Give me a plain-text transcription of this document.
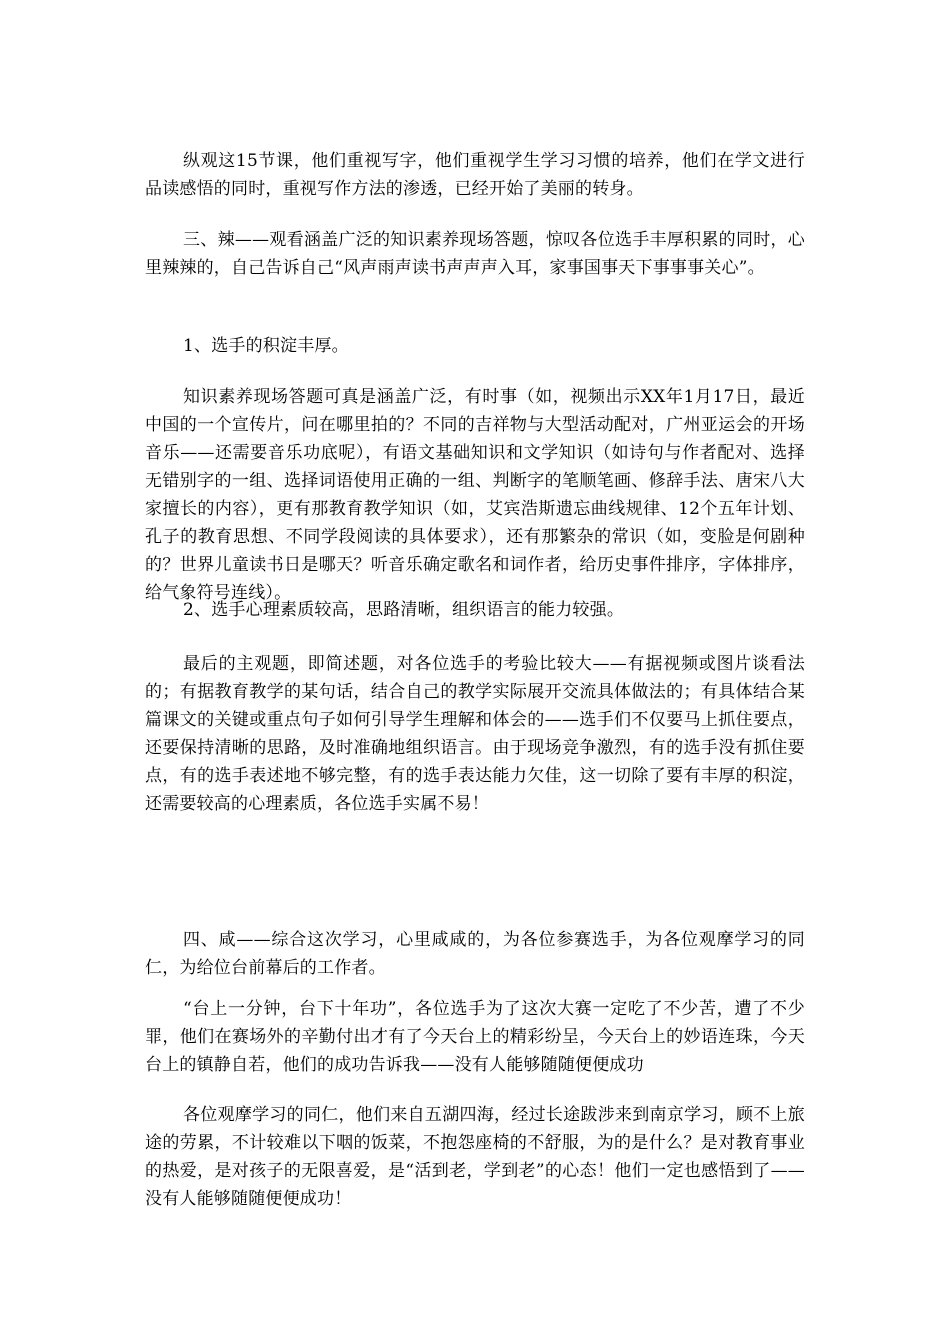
纵观这15节课，他们重视写字，他们重视学生学习习惯的培养，他们在学文进行品读感悟的同时，重视写作方法的渗透，已经开始了美丽的转身。

三、辣——观看涵盖广泛的知识素养现场答题，惊叹各位选手丰厚积累的同时，心里辣辣的，自己告诉自己“风声雨声读书声声声入耳，家事国事天下事事事关心”。

1、选手的积淀丰厚。

知识素养现场答题可真是涵盖广泛，有时事（如，视频出示XX年1月17日，最近中国的一个宣传片，问在哪里拍的？不同的吉祥物与大型活动配对，广州亚运会的开场音乐——还需要音乐功底呢），有语文基础知识和文学知识（如诗句与作者配对、选择无错别字的一组、选择词语使用正确的一组、判断字的笔顺笔画、修辞手法、唐宋八大家擅长的内容），更有那教育教学知识（如，艾宾浩斯遗忘曲线规律、12个五年计划、孔子的教育思想、不同学段阅读的具体要求），还有那繁杂的常识（如，变脸是何剧种的？世界儿童读书日是哪天？听音乐确定歌名和词作者，给历史事件排序，字体排序，给气象符号连线）。

2、选手心理素质较高，思路清晰，组织语言的能力较强。

最后的主观题，即简述题，对各位选手的考验比较大——有据视频或图片谈看法的；有据教育教学的某句话，结合自己的教学实际展开交流具体做法的；有具体结合某篇课文的关键或重点句子如何引导学生理解和体会的——选手们不仅要马上抓住要点，还要保持清晰的思路，及时准确地组织语言。由于现场竞争激烈，有的选手没有抓住要点，有的选手表述地不够完整，有的选手表达能力欠佳，这一切除了要有丰厚的积淀，还需要较高的心理素质，各位选手实属不易！

四、咸——综合这次学习，心里咸咸的，为各位参赛选手，为各位观摩学习的同仁，为给位台前幕后的工作者。

“台上一分钟，台下十年功”，各位选手为了这次大赛一定吃了不少苦，遭了不少罪，他们在赛场外的辛勤付出才有了今天台上的精彩纷呈，今天台上的妙语连珠，今天台上的镇静自若，他们的成功告诉我——没有人能够随随便便成功

各位观摩学习的同仁，他们来自五湖四海，经过长途跋涉来到南京学习，顾不上旅途的劳累，不计较难以下咽的饭菜，不抱怨座椅的不舒服，为的是什么？是对教育事业的热爱，是对孩子的无限喜爱，是“活到老，学到老”的心态！他们一定也感悟到了——没有人能够随随便便成功！
